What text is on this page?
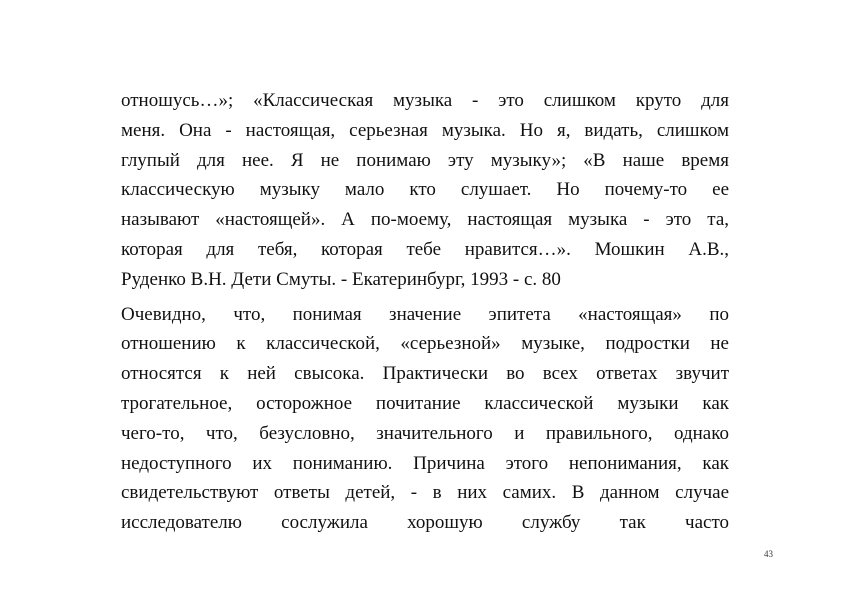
отношусь…»; «Классическая музыка - это слишком круто для
меня. Она - настоящая, серьезная музыка. Но я, видать, слишком
глупый для нее. Я не понимаю эту музыку»; «В наше время
классическую музыку мало кто слушает. Но почему-то ее
называют «настоящей». А по-моему, настоящая музыка - это та,
которая для тебя, которая тебе нравится…». Мошкин А.В.,
Руденко В.Н. Дети Смуты. - Екатеринбург, 1993 - с. 80

Очевидно, что, понимая значение эпитета «настоящая» по
отношению к классической, «серьезной» музыке, подростки не
относятся к ней свысока. Практически во всех ответах звучит
трогательное, осторожное почитание классической музыки как
чего-то, что, безусловно, значительного и правильного, однако
недоступного их пониманию. Причина этого непонимания, как
свидетельствуют ответы детей, - в них самих. В данном случае
исследователю сослужила хорошую службу так часто

43
